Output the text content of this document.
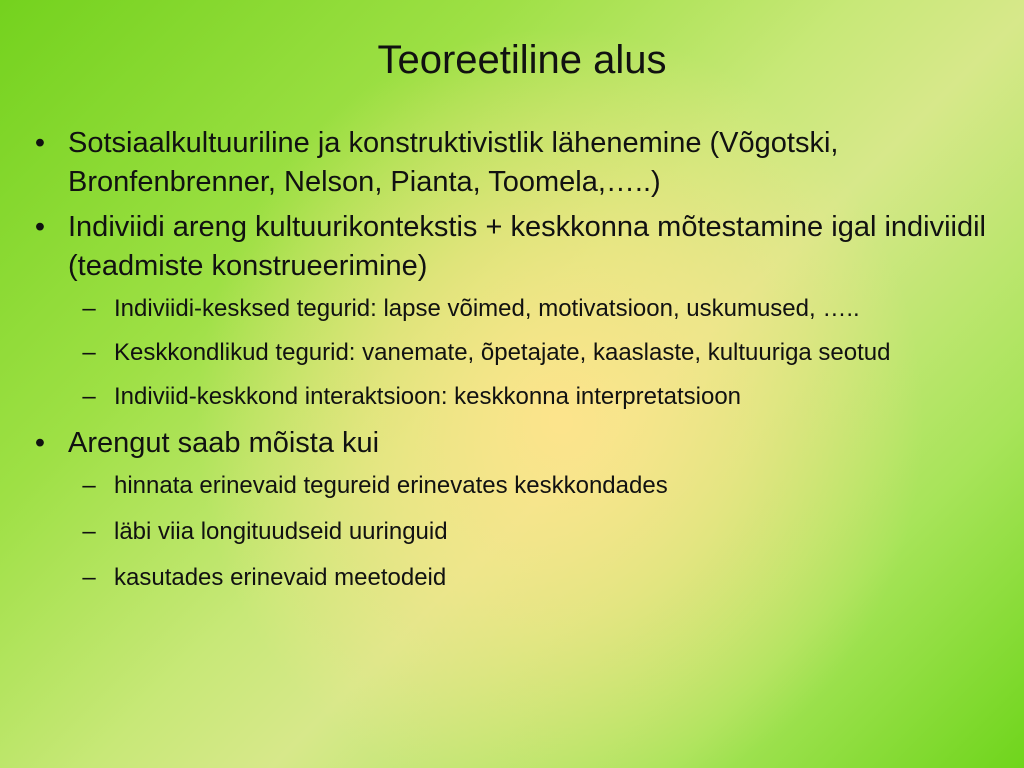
Teoreetiline alus
•
Sotsiaalkultuuriline ja konstruktivistlik lähenemine (Võgotski, Bronfenbrenner, Nelson, Pianta, Toomela,…..)
•
Indiviidi areng kultuurikontekstis + keskkonna mõtestamine igal indiviidil (teadmiste konstrueerimine)
–
Indiviidi-kesksed tegurid: lapse võimed, motivatsioon, uskumused, …..
–
Keskkondlikud tegurid: vanemate, õpetajate, kaaslaste, kultuuriga seotud
–
Indiviid-keskkond interaktsioon: keskkonna interpretatsioon
•
Arengut saab mõista kui
–
hinnata erinevaid tegureid erinevates keskkondades
–
läbi viia longituudseid uuringuid
–
kasutades erinevaid meetodeid
